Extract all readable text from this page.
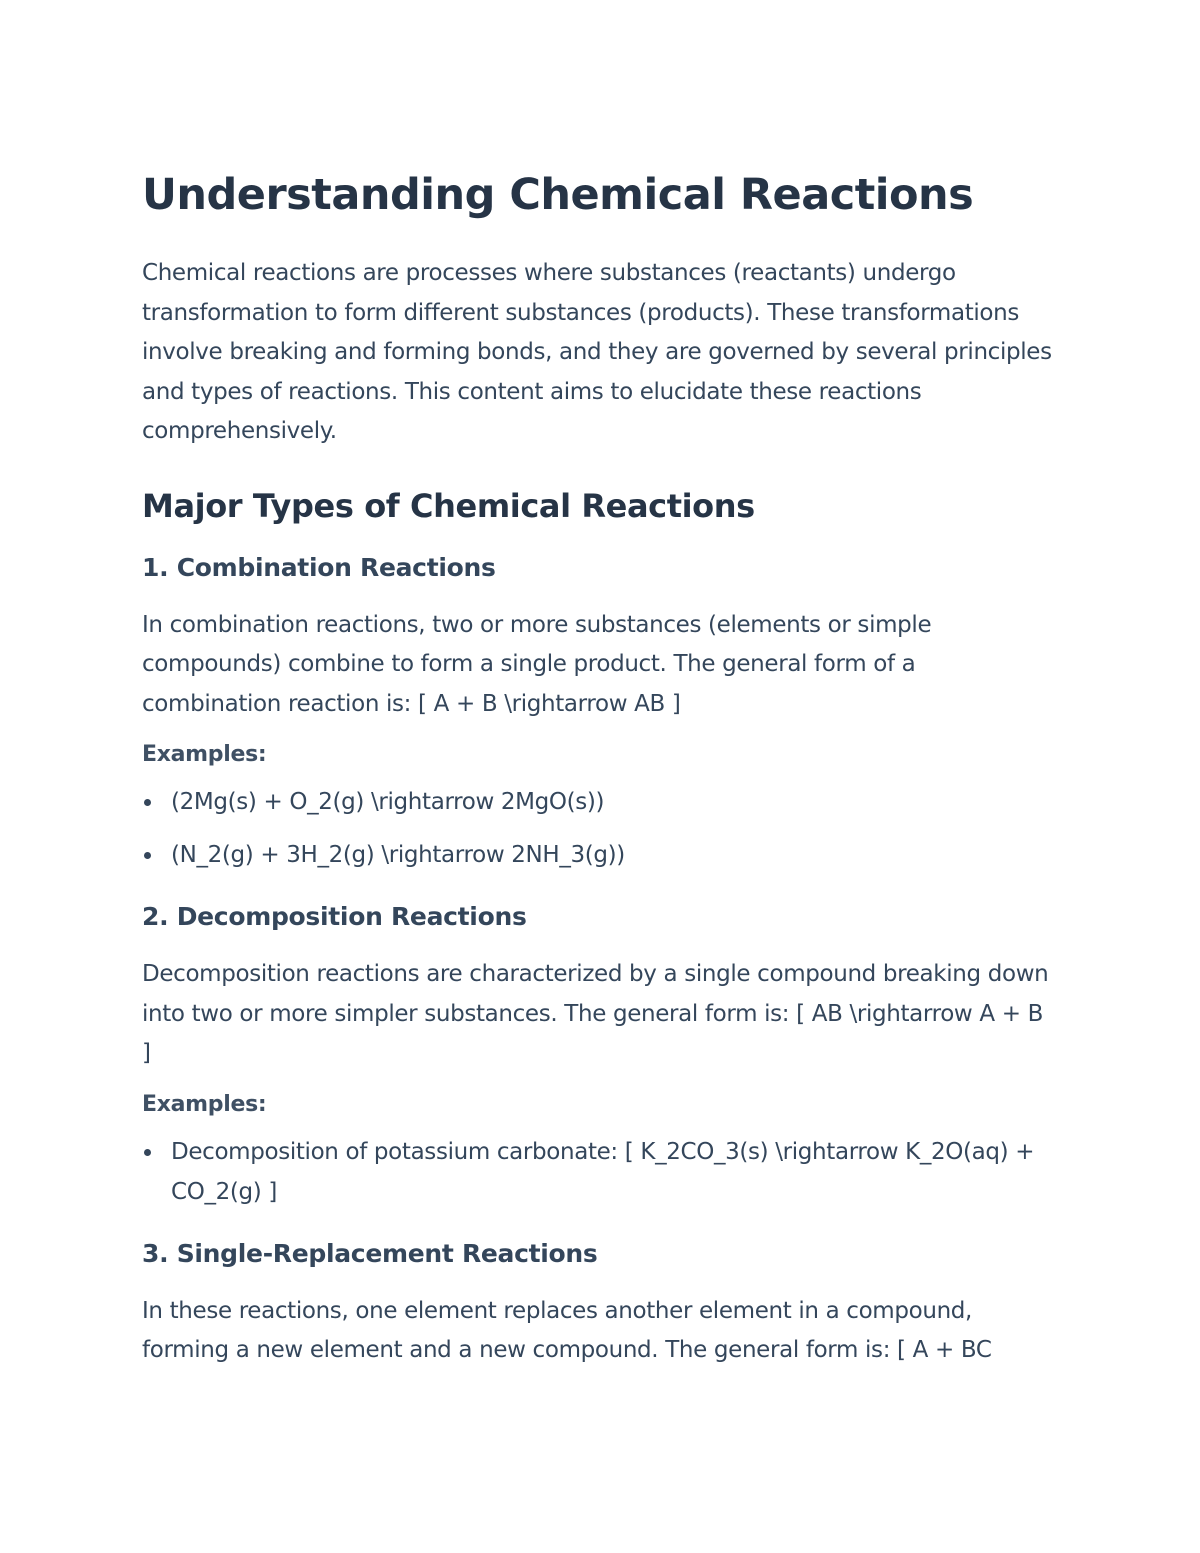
Understanding Chemical Reactions

Chemical reactions are processes where substances (reactants) undergo transformation to form different substances (products). These transformations involve breaking and forming bonds, and they are governed by several principles and types of reactions. This content aims to elucidate these reactions comprehensively.

Major Types of Chemical Reactions
1. Combination Reactions

In combination reactions, two or more substances (elements or simple compounds) combine to form a single product. The general form of a combination reaction is: [ A + B \rightarrow AB ]

Examples:
(2Mg(s) + O_2(g) \rightarrow 2MgO(s))
(N_2(g) + 3H_2(g) \rightarrow 2NH_3(g))
2. Decomposition Reactions

Decomposition reactions are characterized by a single compound breaking down into two or more simpler substances. The general form is: [ AB \rightarrow A + B ]

Examples:
Decomposition of potassium carbonate: [ K_2CO_3(s) \rightarrow K_2O(aq) + CO_2(g) ]
3. Single-Replacement Reactions

In these reactions, one element replaces another element in a compound, forming a new element and a new compound. The general form is: [ A + BC
